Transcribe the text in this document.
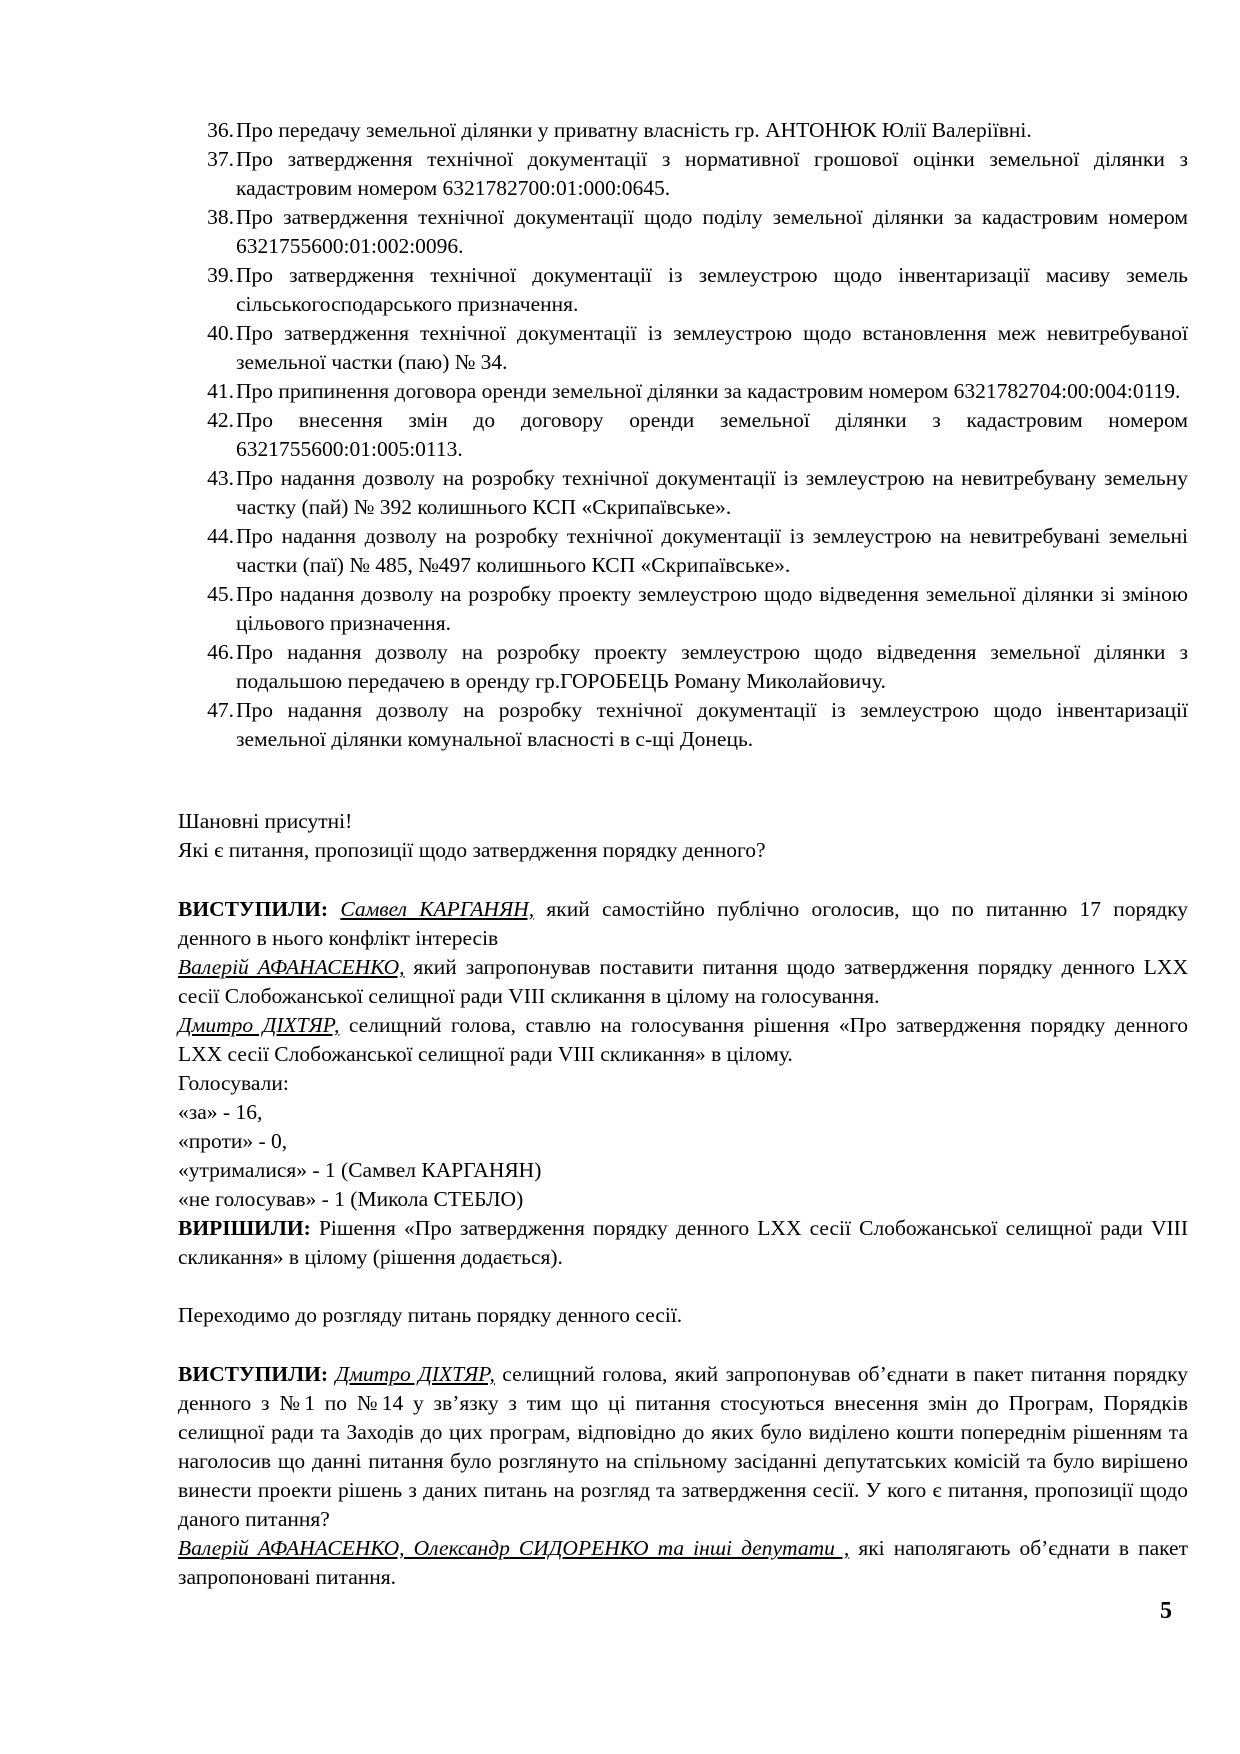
36. Про передачу земельної ділянки у приватну власність гр. АНТОНЮК Юлії Валеріївні.
37. Про затвердження технічної документації з нормативної грошової оцінки земельної ділянки з кадастровим номером 6321782700:01:000:0645.
38. Про затвердження технічної документації щодо поділу земельної ділянки за кадастровим номером 6321755600:01:002:0096.
39. Про затвердження технічної документації із землеустрою щодо інвентаризації масиву земель сільськогосподарського призначення.
40. Про затвердження технічної документації із землеустрою щодо встановлення меж невитребуваної земельної частки (паю) № 34.
41. Про припинення договора оренди земельної ділянки за кадастровим номером 6321782704:00:004:0119.
42. Про внесення змін до договору оренди земельної ділянки з кадастровим номером 6321755600:01:005:0113.
43. Про надання дозволу на розробку технічної документації із землеустрою на невитребувану земельну частку (пай) № 392 колишнього КСП «Скрипаївське».
44. Про надання дозволу на розробку технічної документації із землеустрою на невитребувані земельні частки (паї) № 485, №497 колишнього КСП «Скрипаївське».
45. Про надання дозволу на розробку проекту землеустрою щодо відведення земельної ділянки зі зміною цільового призначення.
46. Про надання дозволу на розробку проекту землеустрою щодо відведення земельної ділянки з подальшою передачею в оренду гр.ГОРОБЕЦЬ Роману Миколайовичу.
47. Про надання дозволу на розробку технічної документації із землеустрою щодо інвентаризації земельної ділянки комунальної власності в с-щі Донець.

Шановні присутні!

Які є питання, пропозиції щодо затвердження порядку денного?

ВИСТУПИЛИ: Самвел КАРГАНЯН, який самостійно публічно оголосив, що по питанню 17 порядку денного в нього конфлікт інтересів

Валерій АФАНАСЕНКО, який запропонував поставити питання щодо затвердження порядку денного LXX сесії Слобожанської селищної ради VIII скликання в цілому на голосування.

Дмитро ДІХТЯР, селищний голова, ставлю на голосування рішення «Про затвердження порядку денного LXX сесії Слобожанської селищної ради VIII скликання» в цілому.

Голосували:

«за» - 16,

«проти» - 0,

«утрималися» - 1 (Самвел КАРГАНЯН)

«не голосував» - 1 (Микола СТЕБЛО)

ВИРІШИЛИ: Рішення «Про затвердження порядку денного LXX сесії Слобожанської селищної ради VIII скликання» в цілому (рішення додається).

Переходимо до розгляду питань порядку денного сесії.

ВИСТУПИЛИ: Дмитро ДІХТЯР, селищний голова, який запропонував об’єднати в пакет питання порядку денного з №1 по №14 у зв’язку з тим що ці питання стосуються внесення змін до Програм, Порядків селищної ради та Заходів до цих програм, відповідно до яких було виділено кошти попереднім рішенням та наголосив що данні питання було розглянуто на спільному засіданні депутатських комісій та було вирішено винести проекти рішень з даних питань на розгляд та затвердження сесії. У кого є питання, пропозиції щодо даного питання?

Валерій АФАНАСЕНКО, Олександр СИДОРЕНКО та інші депутати , які наполягають об’єднати в пакет запропоновані питання.

5
